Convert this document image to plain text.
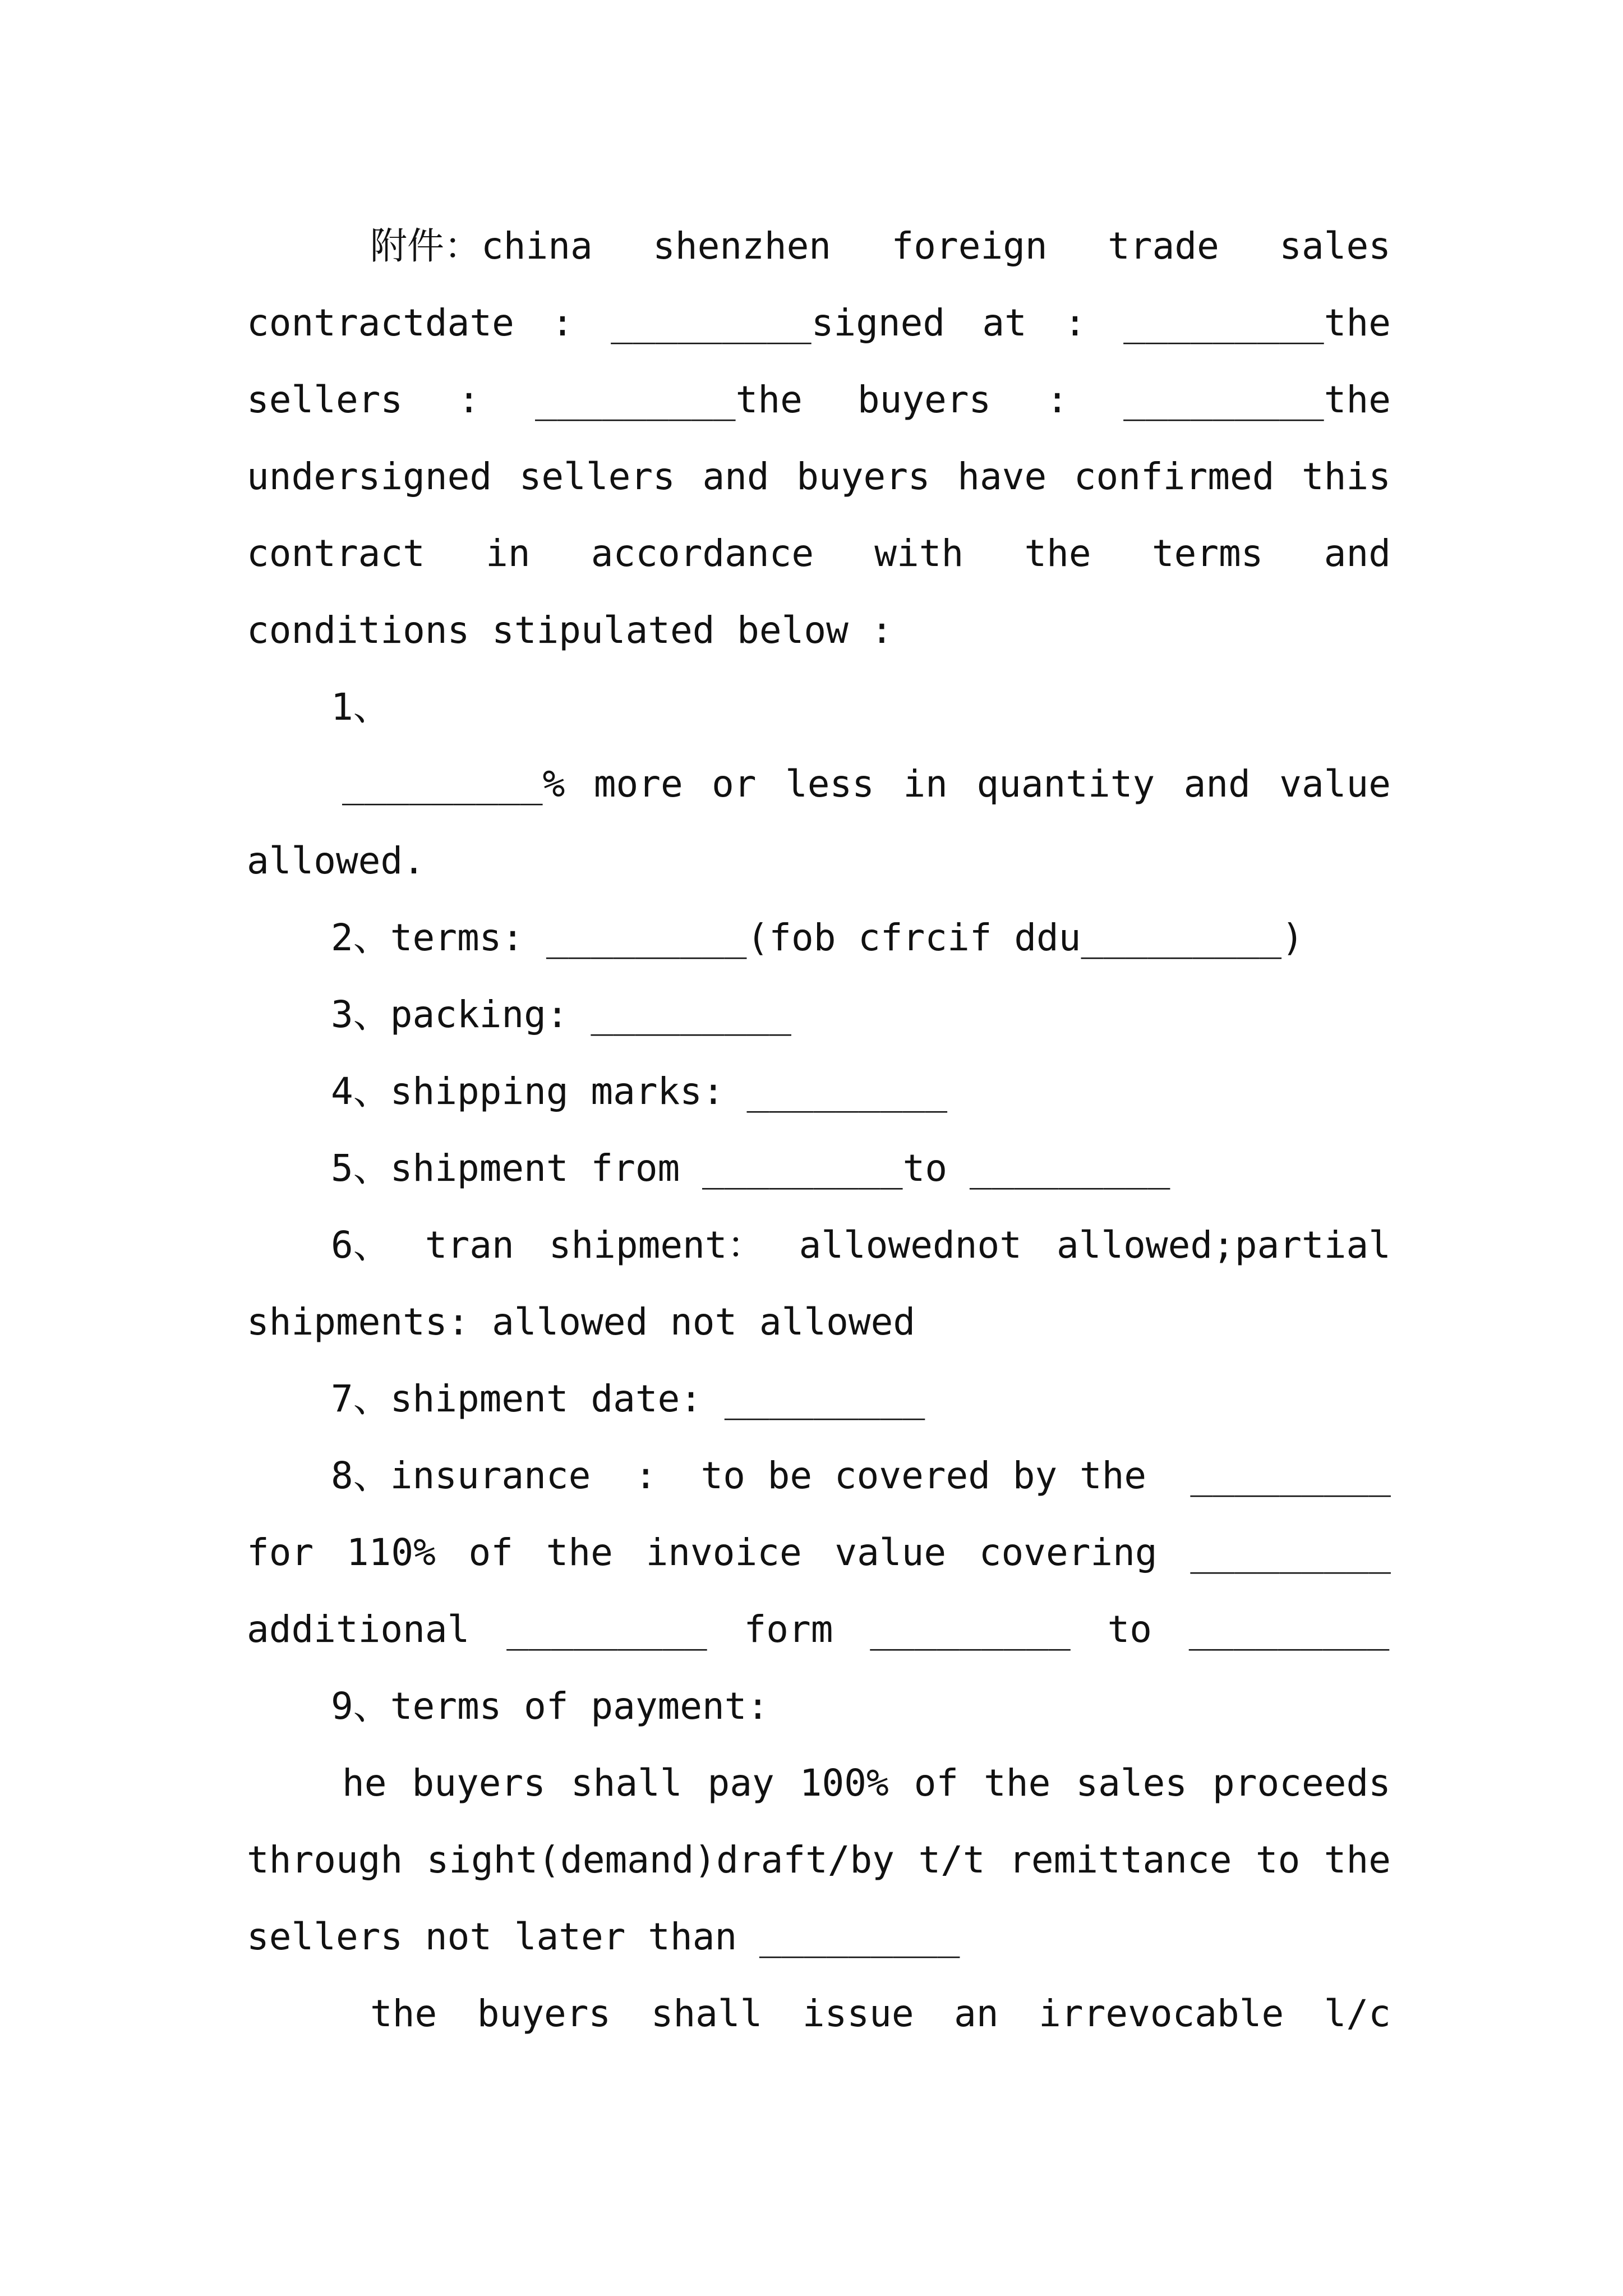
附件：china shenzhen foreign trade sales
contractdate : _________signed at : _________the
sellers : _________the buyers : _________the
undersigned sellers and buyers have confirmed this
contract in accordance with the terms and
conditions stipulated below :
1、
_________% more or less in quantity and value
allowed.
2、terms: _________(fob cfrcif ddu_________)
3、packing: _________
4、shipping marks: _________
5、shipment from _________to _________
6、 tran shipment： allowednot allowed;partial
shipments: allowed not allowed
7、shipment date: _________
8、insurance : to be covered by the _________
for 110% of the invoice value covering _________
additional _________ form _________ to _________
9、terms of payment:
he buyers shall pay 100% of the sales proceeds
through sight(demand)draft/by t/t remittance to the
sellers not later than _________
the buyers shall issue an irrevocable l/c
